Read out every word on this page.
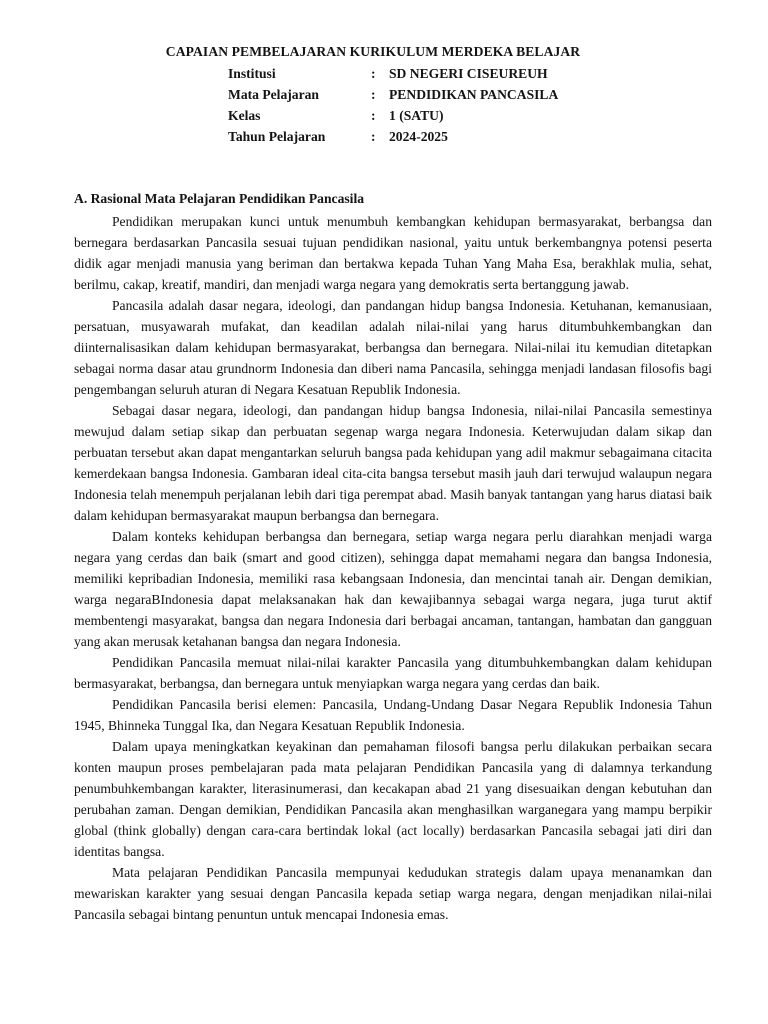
CAPAIAN PEMBELAJARAN KURIKULUM MERDEKA BELAJAR
Institusi	: SD NEGERI CISEUREUH
Mata Pelajaran	: PENDIDIKAN PANCASILA
Kelas	: 1 (SATU)
Tahun Pelajaran	: 2024-2025
A. Rasional Mata Pelajaran Pendidikan Pancasila

Pendidikan merupakan kunci untuk menumbuh kembangkan kehidupan bermasyarakat, berbangsa dan bernegara berdasarkan Pancasila sesuai tujuan pendidikan nasional, yaitu untuk berkembangnya potensi peserta didik agar menjadi manusia yang beriman dan bertakwa kepada Tuhan Yang Maha Esa, berakhlak mulia, sehat, berilmu, cakap, kreatif, mandiri, dan menjadi warga negara yang demokratis serta bertanggung jawab.

Pancasila adalah dasar negara, ideologi, dan pandangan hidup bangsa Indonesia. Ketuhanan, kemanusiaan, persatuan, musyawarah mufakat, dan keadilan adalah nilai-nilai yang harus ditumbuhkembangkan dan diinternalisasikan dalam kehidupan bermasyarakat, berbangsa dan bernegara. Nilai-nilai itu kemudian ditetapkan sebagai norma dasar atau grundnorm Indonesia dan diberi nama Pancasila, sehingga menjadi landasan filosofis bagi pengembangan seluruh aturan di Negara Kesatuan Republik Indonesia.

Sebagai dasar negara, ideologi, dan pandangan hidup bangsa Indonesia, nilai-nilai Pancasila semestinya mewujud dalam setiap sikap dan perbuatan segenap warga negara Indonesia. Keterwujudan dalam sikap dan perbuatan tersebut akan dapat mengantarkan seluruh bangsa pada kehidupan yang adil makmur sebagaimana citacita kemerdekaan bangsa Indonesia. Gambaran ideal cita-cita bangsa tersebut masih jauh dari terwujud walaupun negara Indonesia telah menempuh perjalanan lebih dari tiga perempat abad. Masih banyak tantangan yang harus diatasi baik dalam kehidupan bermasyarakat maupun berbangsa dan bernegara.

Dalam konteks kehidupan berbangsa dan bernegara, setiap warga negara perlu diarahkan menjadi warga negara yang cerdas dan baik (smart and good citizen), sehingga dapat memahami negara dan bangsa Indonesia, memiliki kepribadian Indonesia, memiliki rasa kebangsaan Indonesia, dan mencintai tanah air. Dengan demikian, warga negaraBIndonesia dapat melaksanakan hak dan kewajibannya sebagai warga negara, juga turut aktif membentengi masyarakat, bangsa dan negara Indonesia dari berbagai ancaman, tantangan, hambatan dan gangguan yang akan merusak ketahanan bangsa dan negara Indonesia.

Pendidikan Pancasila memuat nilai-nilai karakter Pancasila yang ditumbuhkembangkan dalam kehidupan bermasyarakat, berbangsa, dan bernegara untuk menyiapkan warga negara yang cerdas dan baik.

Pendidikan Pancasila berisi elemen: Pancasila, Undang-Undang Dasar Negara Republik Indonesia Tahun 1945, Bhinneka Tunggal Ika, dan Negara Kesatuan Republik Indonesia.

Dalam upaya meningkatkan keyakinan dan pemahaman filosofi bangsa perlu dilakukan perbaikan secara konten maupun proses pembelajaran pada mata pelajaran Pendidikan Pancasila yang di dalamnya terkandung penumbuhkembangan karakter, literasinumerasi, dan kecakapan abad 21 yang disesuaikan dengan kebutuhan dan perubahan zaman. Dengan demikian, Pendidikan Pancasila akan menghasilkan warganegara yang mampu berpikir global (think globally) dengan cara-cara bertindak lokal (act locally) berdasarkan Pancasila sebagai jati diri dan identitas bangsa.

Mata pelajaran Pendidikan Pancasila mempunyai kedudukan strategis dalam upaya menanamkan dan mewariskan karakter yang sesuai dengan Pancasila kepada setiap warga negara, dengan menjadikan nilai-nilai Pancasila sebagai bintang penuntun untuk mencapai Indonesia emas.
